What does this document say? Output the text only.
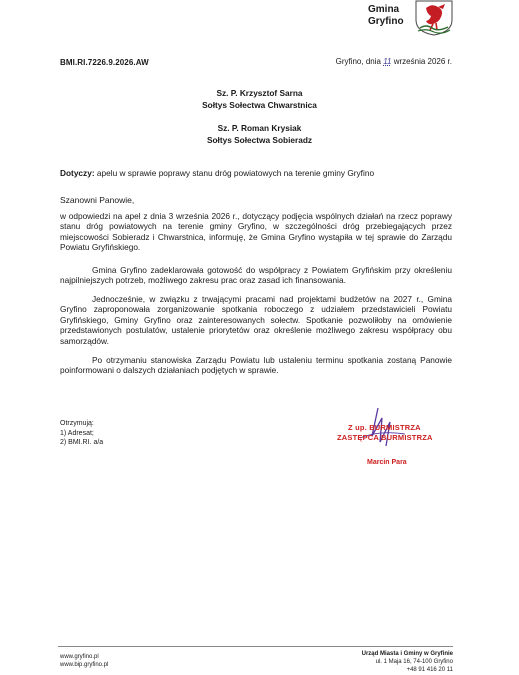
Gmina
Gryfino
BMI.RI.7226.9.2026.AW	Gryfino, dnia 11 września 2026 r.
Sz. P. Krzysztof Sarna
Sołtys Sołectwa Chwarstnica
Sz. P. Roman Krysiak
Sołtys Sołectwa Sobieradz
Dotyczy: apelu w sprawie poprawy stanu dróg powiatowych na terenie gminy Gryfino
Szanowni Panowie,
w odpowiedzi na apel z dnia 3 września 2026 r., dotyczący podjęcia wspólnych działań na rzecz poprawy stanu dróg powiatowych na terenie gminy Gryfino, w szczególności dróg przebiegających przez miejscowości Sobieradz i Chwarstnica, informuję, że Gmina Gryfino wystąpiła w tej sprawie do Zarządu Powiatu Gryfińskiego.
Gmina Gryfino zadeklarowała gotowość do współpracy z Powiatem Gryfińskim przy określeniu najpilniejszych potrzeb, możliwego zakresu prac oraz zasad ich finansowania.
Jednocześnie, w związku z trwającymi pracami nad projektami budżetów na 2027 r., Gmina Gryfino zaproponowała zorganizowanie spotkania roboczego z udziałem przedstawicieli Powiatu Gryfińskiego, Gminy Gryfino oraz zainteresowanych sołectw. Spotkanie pozwoliłoby na omówienie przedstawionych postulatów, ustalenie priorytetów oraz określenie możliwego zakresu współpracy obu samorządów.
Po otrzymaniu stanowiska Zarządu Powiatu lub ustaleniu terminu spotkania zostaną Panowie poinformowani o dalszych działaniach podjętych w sprawie.
Otrzymują:
1) Adresat;
2) BMI.RI. a/a
Z up. BURMISTRZA
ZASTĘPCA BURMISTRZA
Marcin Para
www.gryfino.pl
www.bip.gryfino.pl
Urząd Miasta i Gminy w Gryfinie
ul. 1 Maja 16, 74-100 Gryfino
+48 91 416 20 11
